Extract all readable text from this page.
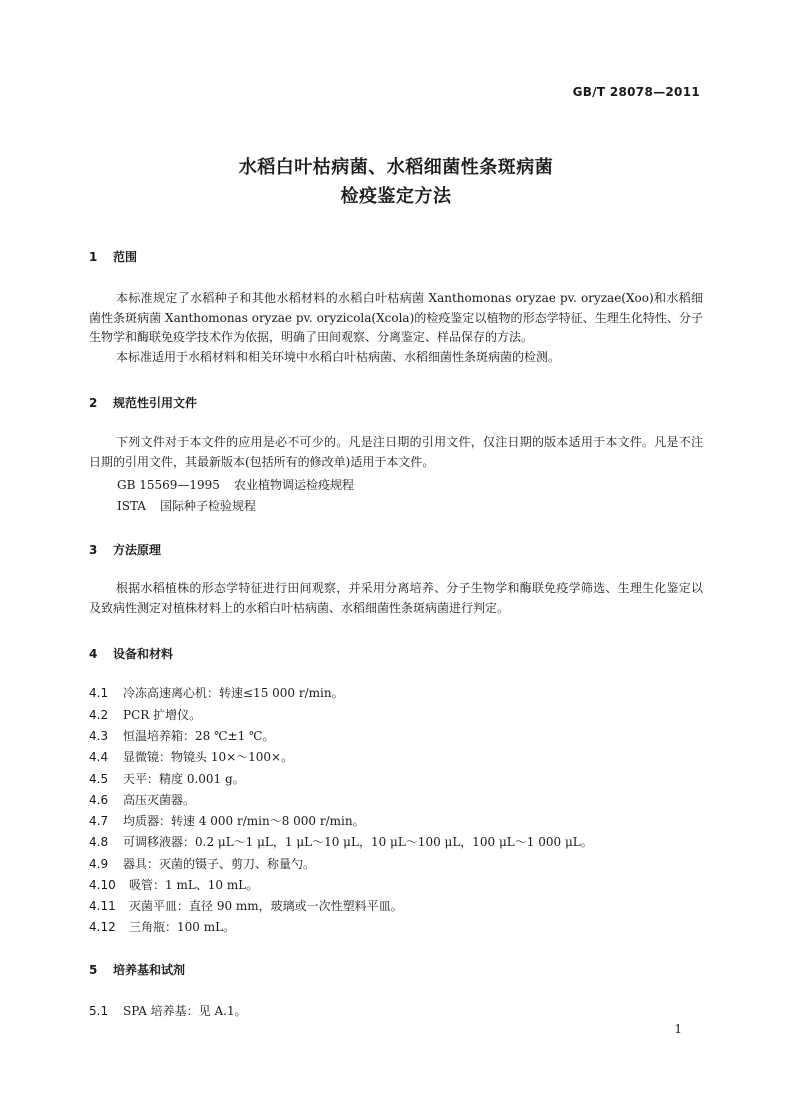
GB/T 28078—2011
水稻白叶枯病菌、水稻细菌性条斑病菌
检疫鉴定方法
1 范围

本标准规定了水稻种子和其他水稻材料的水稻白叶枯病菌 Xanthomonas oryzae pv. oryzae(Xoo)和水稻细菌性条斑病菌 Xanthomonas oryzae pv. oryzicola(Xcola)的检疫鉴定以植物的形态学特征、生理生化特性、分子生物学和酶联免疫学技术作为依据，明确了田间观察、分离鉴定、样品保存的方法。

本标准适用于水稻材料和相关环境中水稻白叶枯病菌、水稻细菌性条斑病菌的检测。

2 规范性引用文件

下列文件对于本文件的应用是必不可少的。凡是注日期的引用文件，仅注日期的版本适用于本文件。凡是不注日期的引用文件，其最新版本(包括所有的修改单)适用于本文件。

GB 15569—1995 农业植物调运检疫规程
ISTA 国际种子检验规程
3 方法原理

根据水稻植株的形态学特征进行田间观察，并采用分离培养、分子生物学和酶联免疫学筛选、生理生化鉴定以及致病性测定对植株材料上的水稻白叶枯病菌、水稻细菌性条斑病菌进行判定。

4 设备和材料
4.1 冷冻高速离心机：转速≤15 000 r/min。
4.2 PCR 扩增仪。
4.3 恒温培养箱：28 ℃±1 ℃。
4.4 显微镜：物镜头 10×～100×。
4.5 天平：精度 0.001 g。
4.6 高压灭菌器。
4.7 均质器：转速 4 000 r/min～8 000 r/min。
4.8 可调移液器：0.2 μL～1 μL，1 μL～10 μL，10 μL～100 μL，100 μL～1 000 μL。
4.9 器具：灭菌的镊子、剪刀、称量勺。
4.10 吸管：1 mL、10 mL。
4.11 灭菌平皿：直径 90 mm，玻璃或一次性塑料平皿。
4.12 三角瓶：100 mL。
5 培养基和试剂
5.1 SPA 培养基：见 A.1。
1
